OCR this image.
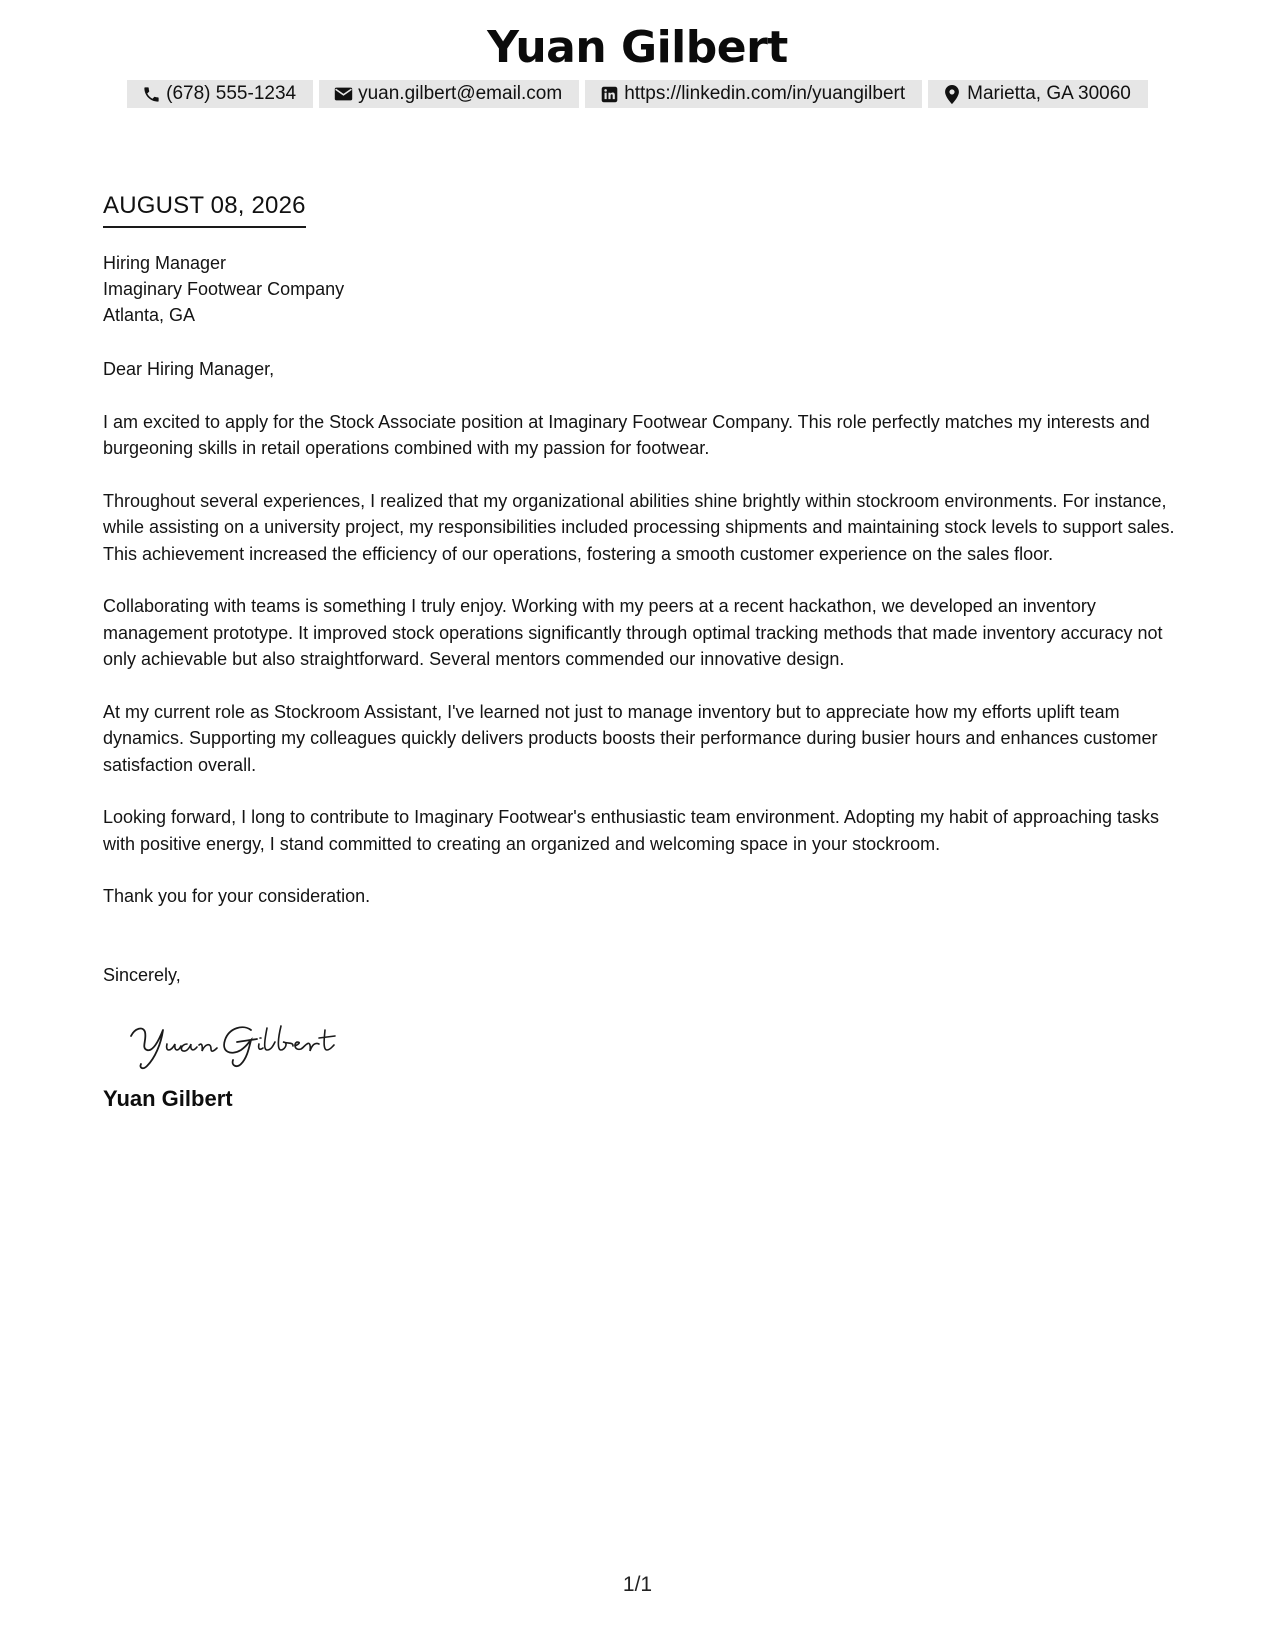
Yuan Gilbert
(678) 555-1234	yuan.gilbert@email.com	https://linkedin.com/in/yuangilbert	Marietta, GA 30060
AUGUST 08, 2026
Hiring Manager
Imaginary Footwear Company
Atlanta, GA

Dear Hiring Manager,

I am excited to apply for the Stock Associate position at Imaginary Footwear Company. This role perfectly matches my interests and burgeoning skills in retail operations combined with my passion for footwear.

Throughout several experiences, I realized that my organizational abilities shine brightly within stockroom environments. For instance, while assisting on a university project, my responsibilities included processing shipments and maintaining stock levels to support sales. This achievement increased the efficiency of our operations, fostering a smooth customer experience on the sales floor.

Collaborating with teams is something I truly enjoy. Working with my peers at a recent hackathon, we developed an inventory management prototype. It improved stock operations significantly through optimal tracking methods that made inventory accuracy not only achievable but also straightforward. Several mentors commended our innovative design.

At my current role as Stockroom Assistant, I've learned not just to manage inventory but to appreciate how my efforts uplift team dynamics. Supporting my colleagues quickly delivers products boosts their performance during busier hours and enhances customer satisfaction overall.

Looking forward, I long to contribute to Imaginary Footwear's enthusiastic team environment. Adopting my habit of approaching tasks with positive energy, I stand committed to creating an organized and welcoming space in your stockroom.

Thank you for your consideration.

Sincerely,
Yuan Gilbert
1/1
